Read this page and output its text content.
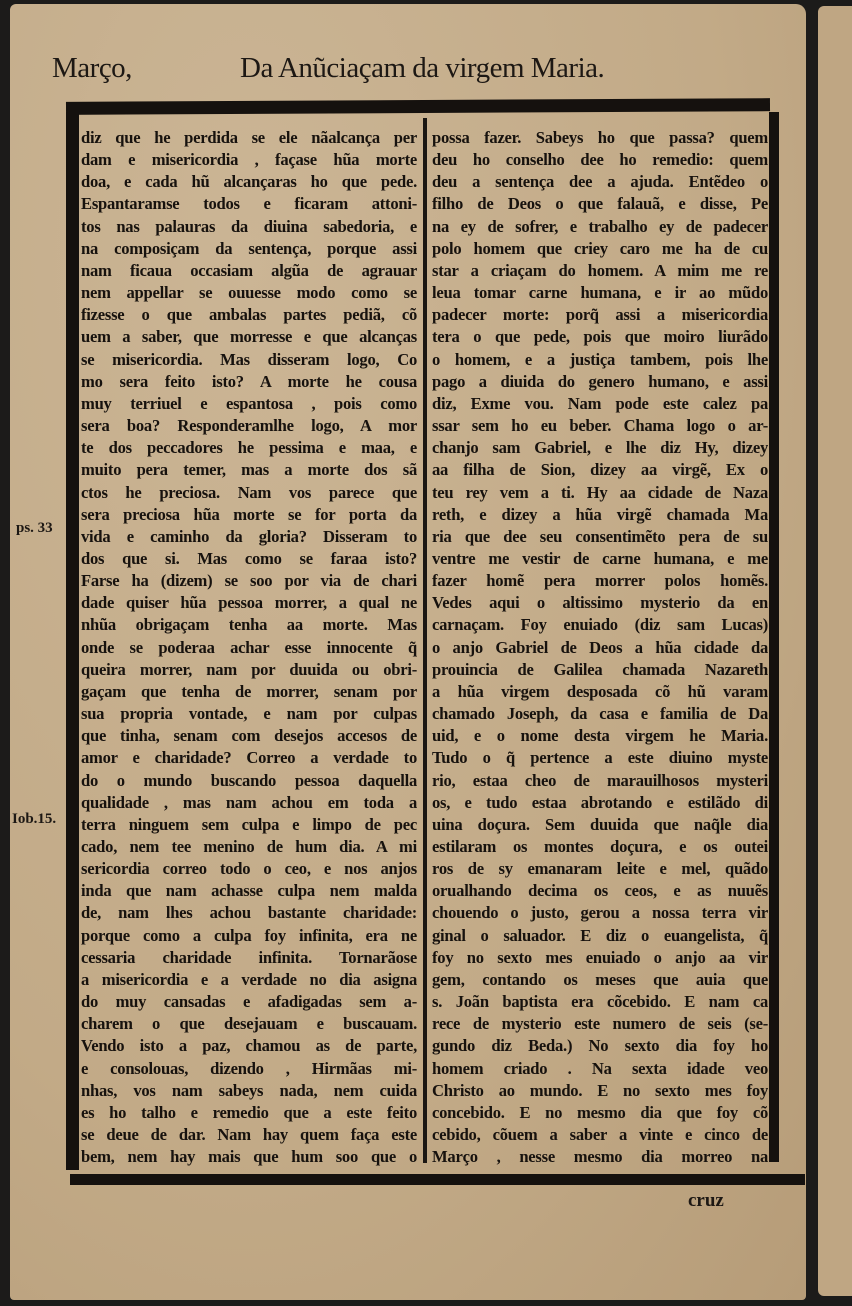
Março,	Da Anũciaçam da virgem Maria.
ps. 33
Iob.15.
diz que he perdida se ele nãalcança per
dam e misericordia , façase hũa morte
doa, e cada hũ alcançaras ho que pede.
Espantaramse todos e ficaram attoni-
tos nas palauras da diuina sabedoria, e
na composiçam da sentença, porque assi
nam ficaua occasiam algũa de agrauar
nem appellar se ouuesse modo como se
fizesse o que ambalas partes pediã, cõ
uem a saber, que morresse e que alcanças
se misericordia. Mas disseram logo, Co
mo sera feito isto? A morte he cousa
muy terriuel e espantosa , pois como
sera boa? Responderamlhe logo, A mor
te dos peccadores he pessima e maa, e
muito pera temer, mas a morte dos sã
ctos he preciosa. Nam vos parece que
sera preciosa hũa morte se for porta da
vida e caminho da gloria? Disseram to
dos que si. Mas como se faraa isto?
Farse ha (dizem) se soo por via de chari
dade quiser hũa pessoa morrer, a qual ne
nhũa obrigaçam tenha aa morte. Mas
onde se poderaa achar esse innocente q̃
queira morrer, nam por duuida ou obri-
gaçam que tenha de morrer, senam por
sua propria vontade, e nam por culpas
que tinha, senam com desejos accesos de
amor e charidade? Correo a verdade to
do o mundo buscando pessoa daquella
qualidade , mas nam achou em toda a
terra ninguem sem culpa e limpo de pec
cado, nem tee menino de hum dia. A mi
sericordia correo todo o ceo, e nos anjos
inda que nam achasse culpa nem malda
de, nam lhes achou bastante charidade:
porque como a culpa foy infinita, era ne
cessaria charidade infinita. Tornarãose
a misericordia e a verdade no dia asigna
do muy cansadas e afadigadas sem a-
charem o que desejauam e buscauam.
Vendo isto a paz, chamou as de parte,
e consolouas, dizendo , Hirmãas mi-
nhas, vos nam sabeys nada, nem cuida
es ho talho e remedio que a este feito
se deue de dar. Nam hay quem faça este
bem, nem hay mais que hum soo que o
possa fazer. Sabeys ho que passa? quem
deu ho conselho dee ho remedio: quem
deu a sentença dee a ajuda. Entẽdeo o
filho de Deos o que falauã, e disse, Pe
na ey de sofrer, e trabalho ey de padecer
polo homem que criey caro me ha de cu
star a criaçam do homem. A mim me re
leua tomar carne humana, e ir ao mũdo
padecer morte: porq̃ assi a misericordia
tera o que pede, pois que moiro liurãdo
o homem, e a justiça tambem, pois lhe
pago a diuida do genero humano, e assi
diz, Exme vou. Nam pode este calez pa
ssar sem ho eu beber. Chama logo o ar-
chanjo sam Gabriel, e lhe diz Hy, dizey
aa filha de Sion, dizey aa virgẽ, Ex o
teu rey vem a ti. Hy aa cidade de Naza
reth, e dizey a hũa virgẽ chamada Ma
ria que dee seu consentimẽto pera de su
ventre me vestir de carne humana, e me
fazer homẽ pera morrer polos homẽs.
Vedes aqui o altissimo mysterio da en
carnaçam. Foy enuiado (diz sam Lucas)
o anjo Gabriel de Deos a hũa cidade da
prouincia de Galilea chamada Nazareth
a hũa virgem desposada cõ hũ varam
chamado Joseph, da casa e familia de Da
uid, e o nome desta virgem he Maria.
Tudo o q̃ pertence a este diuino myste
rio, estaa cheo de marauilhosos mysteri
os, e tudo estaa abrotando e estilãdo di
uina doçura. Sem duuida que naq̃le dia
estilaram os montes doçura, e os outei
ros de sy emanaram leite e mel, quãdo
orualhando decima os ceos, e as nuuẽs
chouendo o justo, gerou a nossa terra vir
ginal o saluador. E diz o euangelista, q̃
foy no sexto mes enuiado o anjo aa vir
gem, contando os meses que auia que
s. Joãn baptista era cõcebido. E nam ca
rece de mysterio este numero de seis (se-
gundo diz Beda.) No sexto dia foy ho
homem criado . Na sexta idade veo
Christo ao mundo. E no sexto mes foy
concebido. E no mesmo dia que foy cõ
cebido, cõuem a saber a vinte e cinco de
Março , nesse mesmo dia morreo na
cruz
